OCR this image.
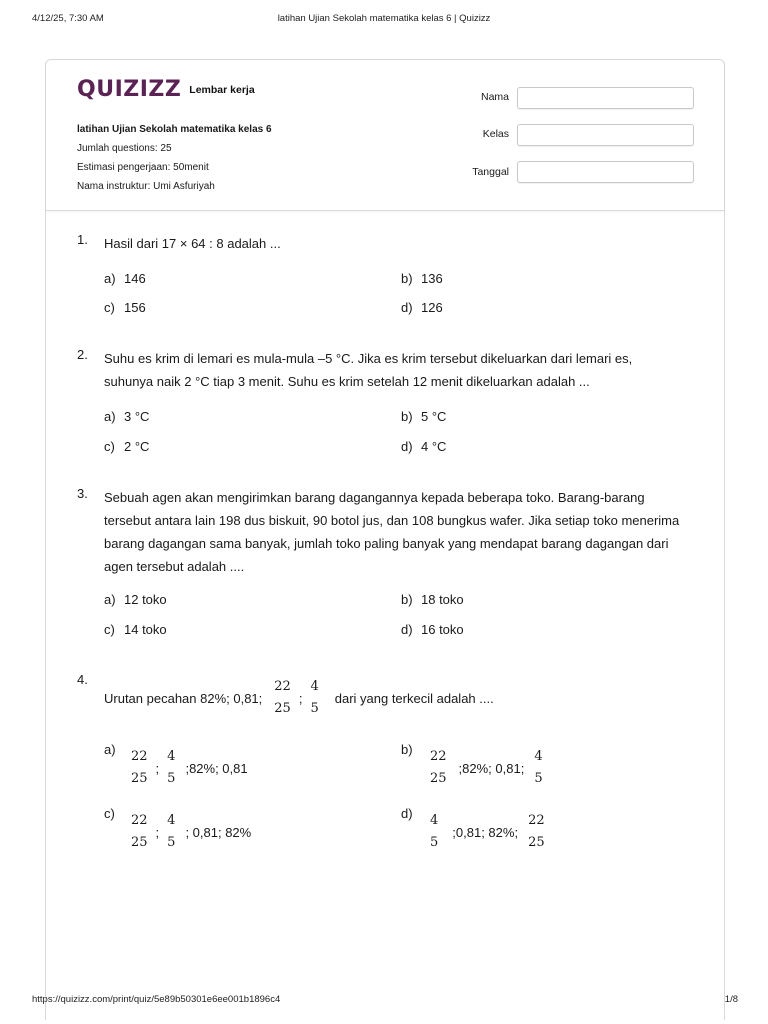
4/12/25, 7:30 AM	latihan Ujian Sekolah matematika kelas 6 | Quizizz
QUIZIZZ Lembar kerja
latihan Ujian Sekolah matematika kelas 6
Jumlah questions: 25
Estimasi pengerjaan: 50menit
Nama instruktur: Umi Asfuriyah
Nama
Kelas
Tanggal
1. Hasil dari 17 × 64 : 8 adalah ...
a) 146	b) 136
c) 156	d) 126
2. Suhu es krim di lemari es mula-mula –5 °C. Jika es krim tersebut dikeluarkan dari lemari es,
suhunya naik 2 °C tiap 3 menit. Suhu es krim setelah 12 menit dikeluarkan adalah ...
a) 3 °C	b) 5 °C
c) 2 °C	d) 4 °C
3. Sebuah agen akan mengirimkan barang dagangannya kepada beberapa toko. Barang-barang
tersebut antara lain 198 dus biskuit, 90 botol jus, dan 108 bungkus wafer. Jika setiap toko menerima
barang dagangan sama banyak, jumlah toko paling banyak yang mendapat barang dagangan dari
agen tersebut adalah ....
a) 12 toko	b) 18 toko
c) 14 toko	d) 16 toko
4.
Urutan pecahan 82%; 0,81;
22
25
;
4
5
dari yang terkecil adalah ....
a) 22
25
;
4
5
;82%; 0,81
b) 22
25
;82%; 0,81;
4
5
c) 22
25
;
4
5
; 0,81; 82%
d) 4
5
;0,81; 82%;
22
25
https://quizizz.com/print/quiz/5e89b50301e6ee001b1896c4	1/8
